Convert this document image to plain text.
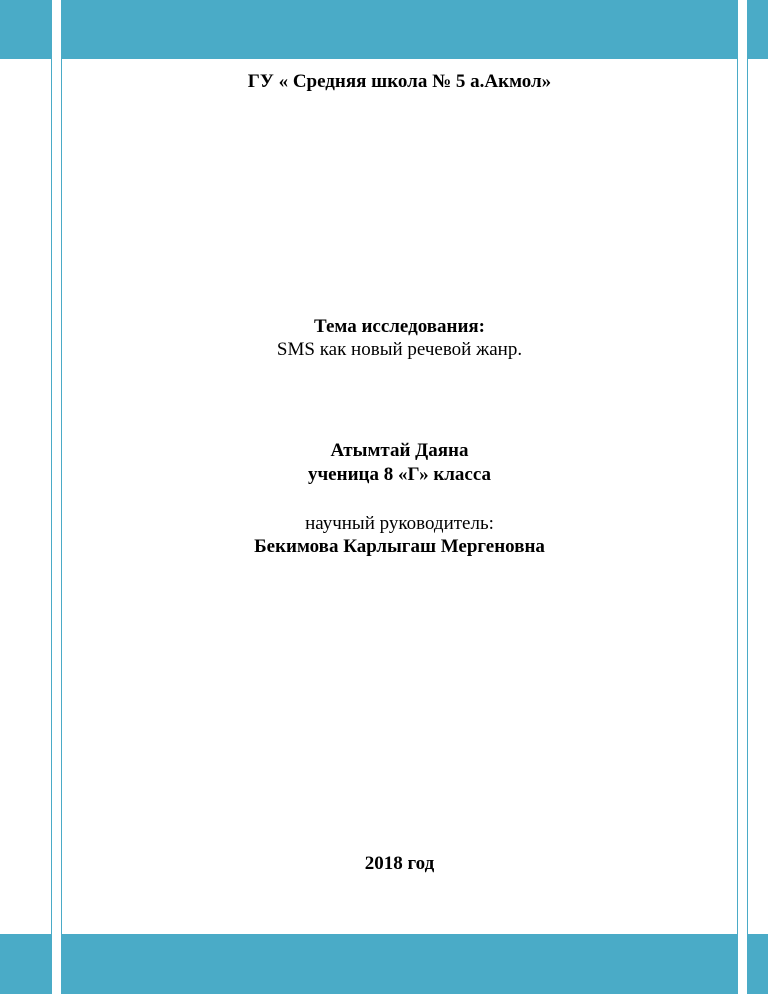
ГУ « Средняя школа № 5 а.Акмол»
Тема исследования:
SMS как новый речевой жанр.
Атымтай Даяна
ученица 8 «Г» класса
научный руководитель:
Бекимова Карлыгаш Мергеновна
2018 год
